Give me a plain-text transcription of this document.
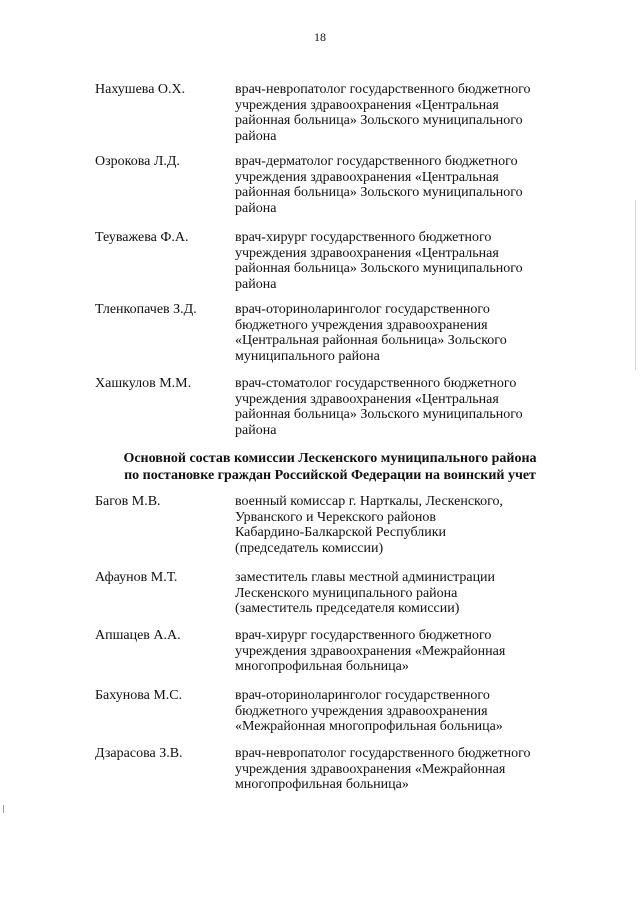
18
Нахушева О.Х.	врач-невропатолог государственного бюджетного
учреждения здравоохранения «Центральная
районная больница» Зольского муниципального
района
Озрокова Л.Д.	врач-дерматолог государственного бюджетного
учреждения здравоохранения «Центральная
районная больница» Зольского муниципального
района
Теуважева Ф.А.	врач-хирург государственного бюджетного
учреждения здравоохранения «Центральная
районная больница» Зольского муниципального
района
Тленкопачев З.Д.	врач-оториноларинголог государственного
бюджетного учреждения здравоохранения
«Центральная районная больница» Зольского
муниципального района
Хашкулов М.М.	врач-стоматолог государственного бюджетного
учреждения здравоохранения «Центральная
районная больница» Зольского муниципального
района
Основной состав комиссии Лескенского муниципального района
по постановке граждан Российской Федерации на воинский учет
Багов М.В.	военный комиссар г. Нарткалы, Лескенского,
Урванского и Черекского районов
Кабардино-Балкарской Республики
(председатель комиссии)
Афаунов М.Т.	заместитель главы местной администрации
Лескенского муниципального района
(заместитель председателя комиссии)
Апшацев А.А.	врач-хирург государственного бюджетного
учреждения здравоохранения «Межрайонная
многопрофильная больница»
Бахунова М.С.	врач-оториноларинголог государственного
бюджетного учреждения здравоохранения
«Межрайонная многопрофильная больница»
Дзарасова З.В.	врач-невропатолог государственного бюджетного
учреждения здравоохранения «Межрайонная
многопрофильная больница»
